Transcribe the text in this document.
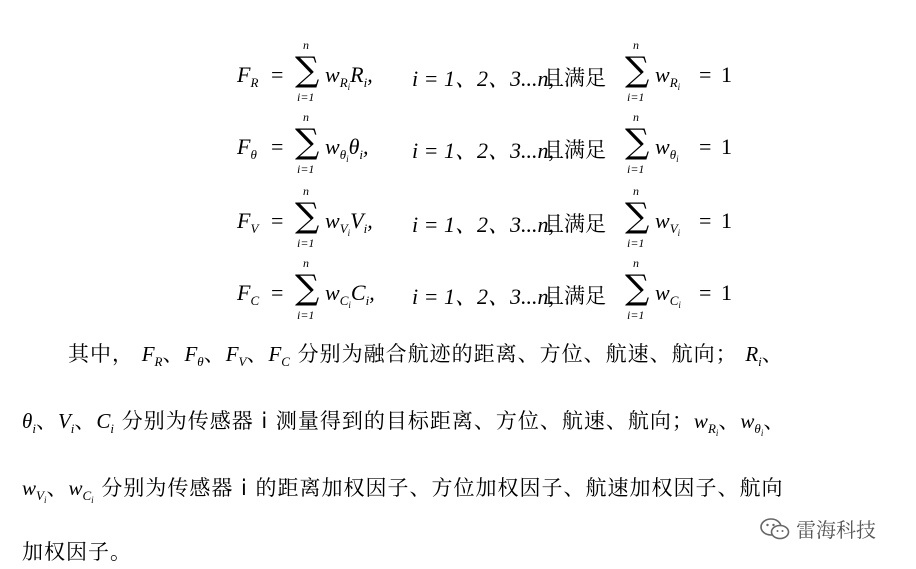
$F_R$ =
n
∑
i=1
$w_{R_i}R_i$, i = 1、2、3...n,
且满足
n
∑
i=1
$w_{R_i} = 1$
$F_\theta$ =
n
∑
i=1
$w_{\theta_i}\theta_i$, i = 1、2、3...n,
且满足
n
∑
i=1
$w_{\theta_i} = 1$
$F_V$ =
n
∑
i=1
$w_{V_i}V_i$, i = 1、2、3...n,
且满足
n
∑
i=1
$w_{V_i} = 1$
$F_C$ =
n
∑
i=1
$w_{C_i}C_i$, i = 1、2、3...n,
且满足
n
∑
i=1
$w_{C_i} = 1$
其中， $F_R$、$F_\theta$、$F_V$、$F_C$ 分别为融合航迹的距离、方位、航速、航向； $R_i$、
$\theta_i$、$V_i$、$C_i$ 分别为传感器 i 测量得到的目标距离、方位、航速、航向；$w_{R_i}$、$w_{\theta_i}$、
$w_{V_i}$、$w_{C_i}$ 分别为传感器 i 的距离加权因子、方位加权因子、航速加权因子、航向
加权因子。
雷海科技
